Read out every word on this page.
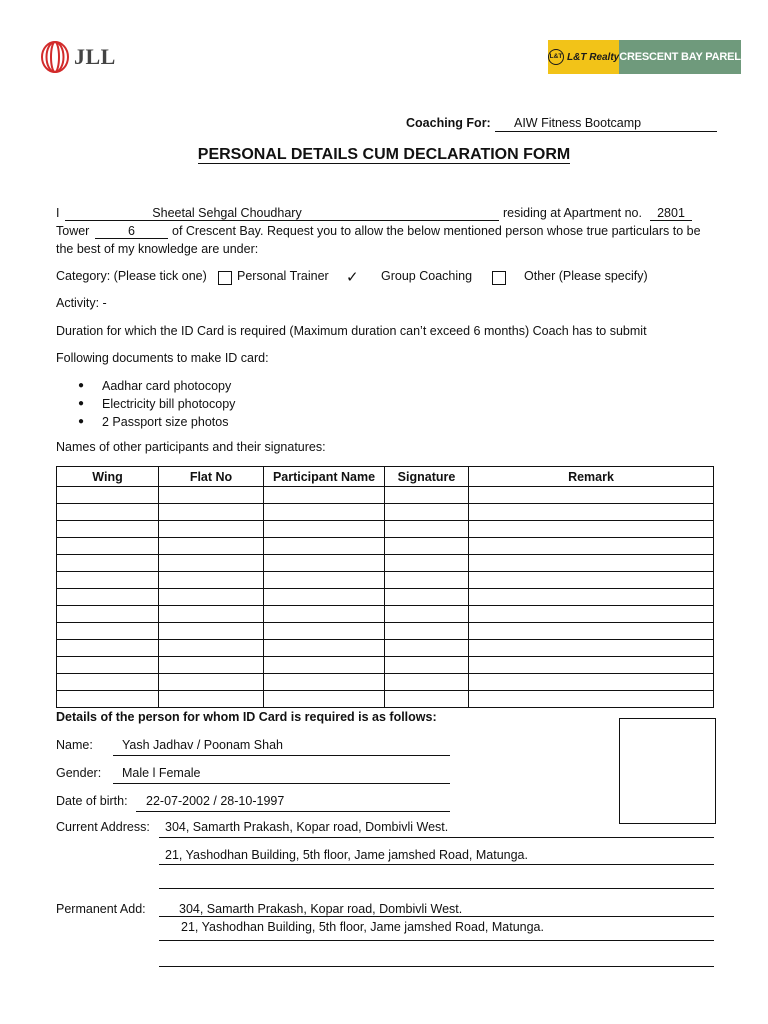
JLL	L&T L&T Realty CRESCENT BAY PAREL
Coaching For: AIW Fitness Bootcamp
PERSONAL DETAILS CUM DECLARATION FORM
I	Sheetal Sehgal Choudhary	residing at Apartment no.	2801
Tower	6	of Crescent Bay. Request you to allow the below mentioned person whose true particulars to be
the best of my knowledge are under:
Category: (Please tick one) Personal Trainer ✓ Group Coaching	Other (Please specify)
Activity: -
Duration for which the ID Card is required (Maximum duration can’t exceed 6 months) Coach has to submit
Following documents to make ID card:
● Aadhar card photocopy
● Electricity bill photocopy
● 2 Passport size photos
Names of other participants and their signatures:
Wing	Flat No	Participant Name	Signature	Remark

Details of the person for whom ID Card is required is as follows:
Name: Yash Jadhav / Poonam Shah
Gender: Male l Female
Date of birth: 22-07-2002 / 28-10-1997
Current Address: 304, Samarth Prakash, Kopar road, Dombivli West.
21, Yashodhan Building, 5th floor, Jame jamshed Road, Matunga.
Permanent Add:	304, Samarth Prakash, Kopar road, Dombivli West.
21, Yashodhan Building, 5th floor, Jame jamshed Road, Matunga.
